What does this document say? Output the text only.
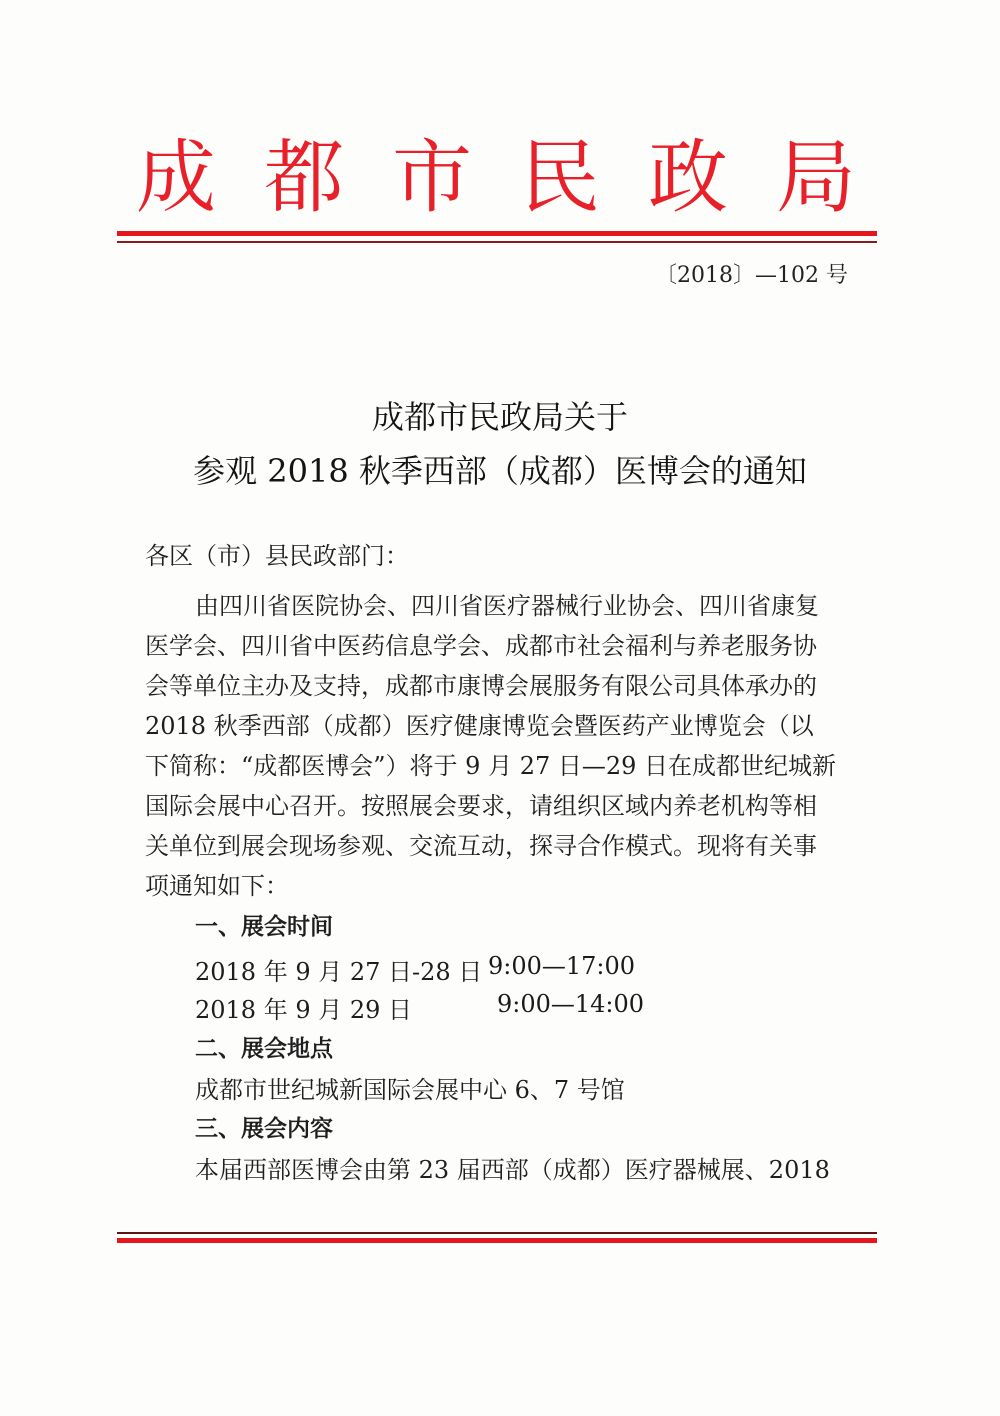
成都市民政局
〔2018〕—102 号
成都市民政局关于
参观 2018 秋季西部（成都）医博会的通知
各区（市）县民政部门：
由四川省医院协会、四川省医疗器械行业协会、四川省康复
医学会、四川省中医药信息学会、成都市社会福利与养老服务协
会等单位主办及支持，成都市康博会展服务有限公司具体承办的
2018 秋季西部（成都）医疗健康博览会暨医药产业博览会（以
下简称：“成都医博会”）将于 9 月 27 日—29 日在成都世纪城新
国际会展中心召开。按照展会要求，请组织区域内养老机构等相
关单位到展会现场参观、交流互动，探寻合作模式。现将有关事
项通知如下：
一、展会时间
2018 年 9 月 27 日-28 日 9:00—17:00
2018 年 9 月 29 日	9:00—14:00
二、展会地点
成都市世纪城新国际会展中心 6、7 号馆
三、展会内容
本届西部医博会由第 23 届西部（成都）医疗器械展、2018
